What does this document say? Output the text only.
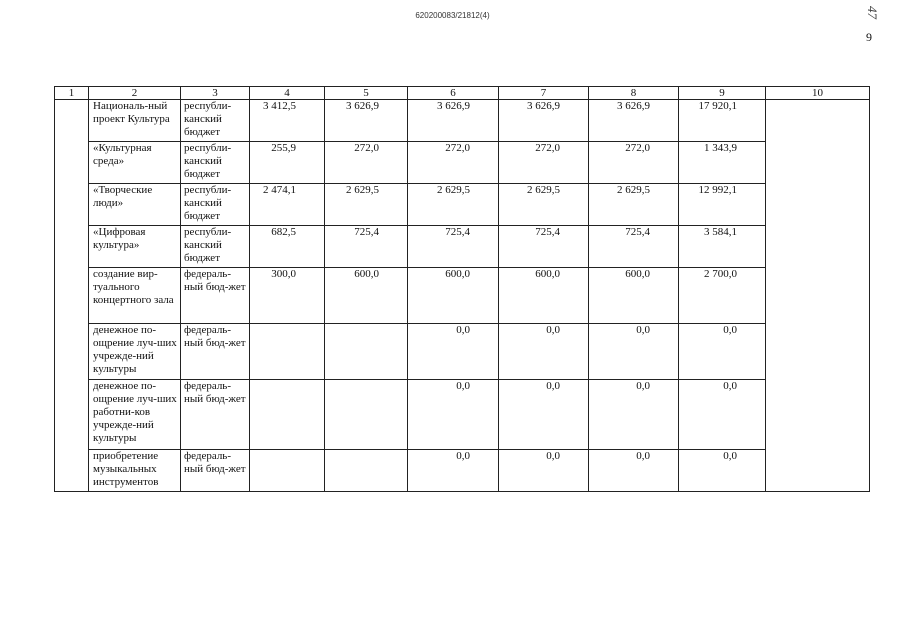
620200083/21812(4)
9
47
1	2	3	4	5	6	7	8	9	10
	Националь-ный проект Культура	республи-канский бюджет	3 412,5	3 626,9	3 626,9	3 626,9	3 626,9	17 920,1	
	«Культурная среда»	республи-канский бюджет	255,9	272,0	272,0	272,0	272,0	1 343,9	
	«Творческие люди»	республи-канский бюджет	2 474,1	2 629,5	2 629,5	2 629,5	2 629,5	12 992,1	
	«Цифровая культура»	республи-канский бюджет	682,5	725,4	725,4	725,4	725,4	3 584,1	
	создание вир-туального концертного зала	федераль-ный бюд-жет	300,0	600,0	600,0	600,0	600,0	2 700,0	
	денежное по-ощрение луч-ших учрежде-ний культуры	федераль-ный бюд-жет			0,0	0,0	0,0	0,0	
	денежное по-ощрение луч-ших работни-ков учрежде-ний культуры	федераль-ный бюд-жет			0,0	0,0	0,0	0,0	
	приобретение музыкальных инструментов	федераль-ный бюд-жет			0,0	0,0	0,0	0,0	
